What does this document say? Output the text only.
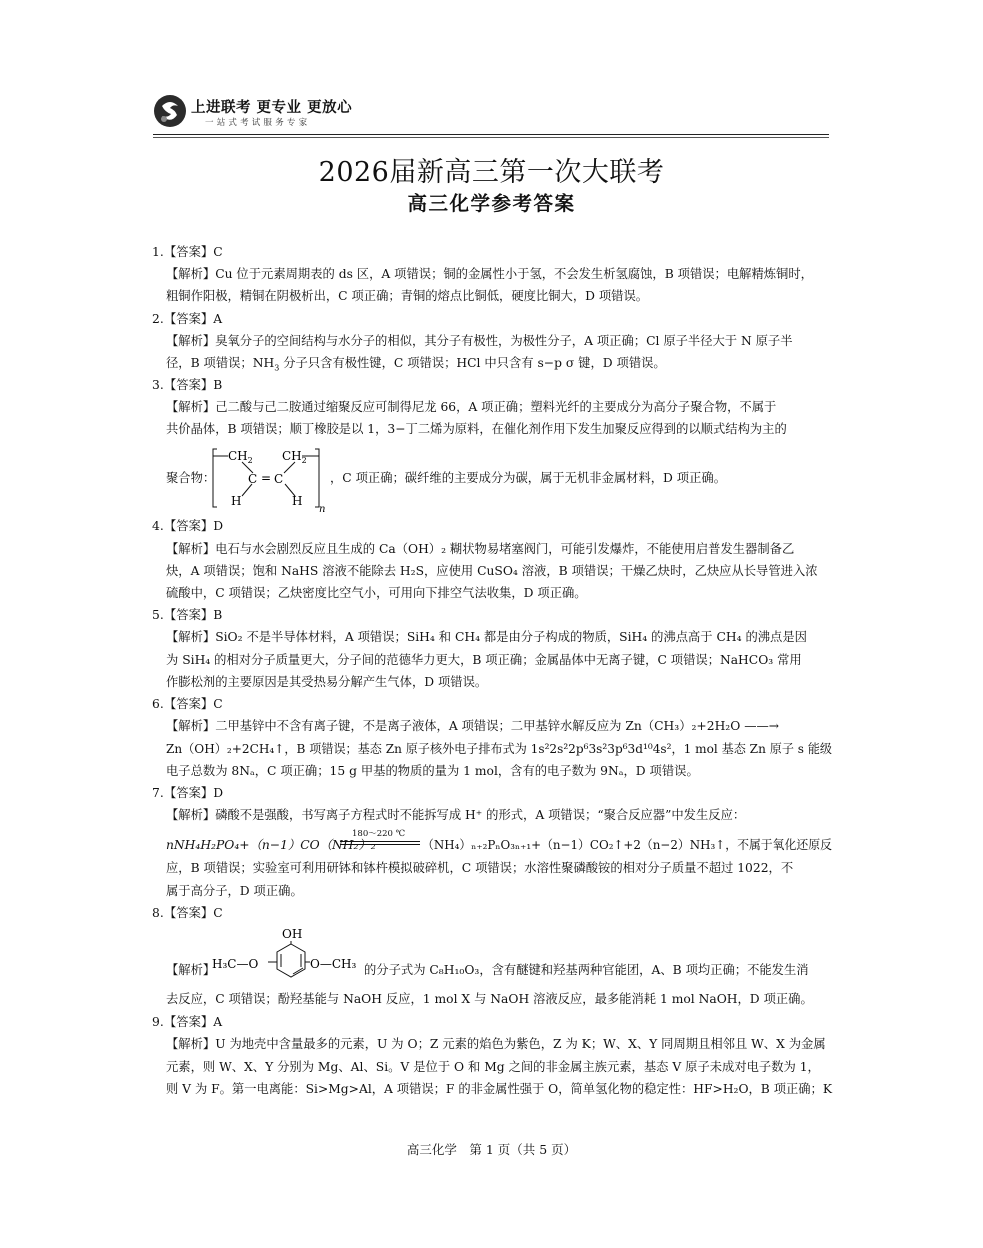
上进联考 更专业 更放心
一站式考试服务专家
2026届新高三第一次大联考
高三化学参考答案
1. 【答案】C
【解析】Cu 位于元素周期表的 ds 区，A 项错误；铜的金属性小于氢，不会发生析氢腐蚀，B 项错误；电解精炼铜时，
粗铜作阳极，精铜在阴极析出，C 项正确；青铜的熔点比铜低，硬度比铜大，D 项错误。
2. 【答案】A
【解析】臭氧分子的空间结构与水分子的相似，其分子有极性，为极性分子，A 项正确；Cl 原子半径大于 N 原子半
径，B 项错误；$NH_3$ 分子只含有极性键，C 项错误；HCl 中只含有 s−p σ 键，D 项错误。
3. 【答案】B
【解析】己二酸与己二胺通过缩聚反应可制得尼龙 66，A 项正确；塑料光纤的主要成分为高分子聚合物，不属于
共价晶体，B 项错误；顺丁橡胶是以 1，3−丁二烯为原料，在催化剂作用下发生加聚反应得到的以顺式结构为主的
聚合物：
$CH_2$ $CH_2$
C = C
H	H
n
，C 项正确；碳纤维的主要成分为碳，属于无机非金属材料，D 项正确。
4. 【答案】D
【解析】电石与水会剧烈反应且生成的 Ca（OH）₂ 糊状物易堵塞阀门，可能引发爆炸，不能使用启普发生器制备乙
炔，A 项错误；饱和 NaHS 溶液不能除去 H₂S，应使用 CuSO₄ 溶液，B 项错误；干燥乙炔时，乙炔应从长导管进入浓
硫酸中，C 项错误；乙炔密度比空气小，可用向下排空气法收集，D 项正确。
5. 【答案】B
【解析】SiO₂ 不是半导体材料，A 项错误；SiH₄ 和 CH₄ 都是由分子构成的物质，SiH₄ 的沸点高于 CH₄ 的沸点是因
为 SiH₄ 的相对分子质量更大，分子间的范德华力更大，B 项正确；金属晶体中无离子键，C 项错误；NaHCO₃ 常用
作膨松剂的主要原因是其受热易分解产生气体，D 项错误。
6. 【答案】C
【解析】二甲基锌中不含有离子键，不是离子液体，A 项错误；二甲基锌水解反应为 Zn（CH₃）₂+2H₂O ——→
Zn（OH）₂+2CH₄↑，B 项错误；基态 Zn 原子核外电子排布式为 1s²2s²2p⁶3s²3p⁶3d¹⁰4s²，1 mol 基态 Zn 原子 s 能级
电子总数为 8Nₐ，C 项正确；15 g 甲基的物质的量为 1 mol，含有的电子数为 9Nₐ，D 项错误。
7. 【答案】D
【解析】磷酸不是强酸，书写离子方程式时不能拆写成 H⁺ 的形式，A 项错误；“聚合反应器”中发生反应：
nNH₄H₂PO₄+（n−1）CO（NH₂）₂
180～220 ℃
（NH₄）ₙ₊₂PₙO₃ₙ₊₁+（n−1）CO₂↑+2（n−2）NH₃↑，不属于氧化还原反
应，B 项错误；实验室可利用研钵和钵杵模拟破碎机，C 项错误；水溶性聚磷酸铵的相对分子质量不超过 1022，不
属于高分子，D 项正确。
8. 【答案】C
【解析】
OH
H₃C—O	O—CH₃ 的分子式为 C₈H₁₀O₃，含有醚键和羟基两种官能团，A、B 项均正确；不能发生消
去反应，C 项错误；酚羟基能与 NaOH 反应，1 mol X 与 NaOH 溶液反应，最多能消耗 1 mol NaOH，D 项正确。
9. 【答案】A
【解析】U 为地壳中含量最多的元素，U 为 O；Z 元素的焰色为紫色，Z 为 K；W、X、Y 同周期且相邻且 W、X 为金属
元素，则 W、X、Y 分别为 Mg、Al、Si。V 是位于 O 和 Mg 之间的非金属主族元素，基态 V 原子未成对电子数为 1，
则 V 为 F。第一电离能：Si>Mg>Al，A 项错误；F 的非金属性强于 O，简单氢化物的稳定性：HF>H₂O，B 项正确；K
高三化学　第 1 页（共 5 页）
